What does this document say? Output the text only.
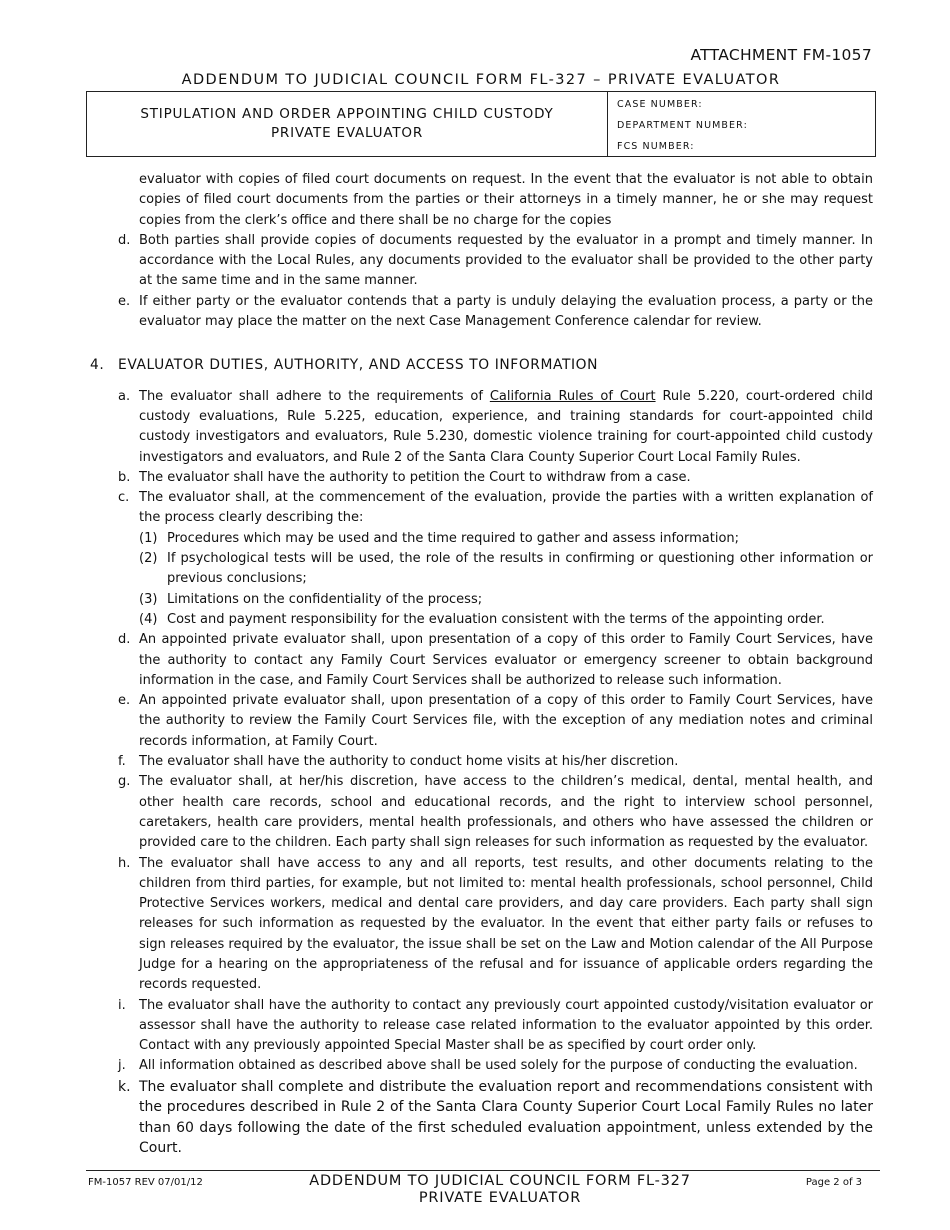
ATTACHMENT FM-1057
ADDENDUM TO JUDICIAL COUNCIL FORM FL-327 – PRIVATE EVALUATOR
STIPULATION AND ORDER APPOINTING CHILD CUSTODY
PRIVATE EVALUATOR
CASE NUMBER:
DEPARTMENT NUMBER:
FCS NUMBER:
evaluator with copies of filed court documents on request. In the event that the evaluator is not able to obtain copies of filed court documents from the parties or their attorneys in a timely manner, he or she may request copies from the clerk’s office and there shall be no charge for the copies
d. Both parties shall provide copies of documents requested by the evaluator in a prompt and timely manner. In accordance with the Local Rules, any documents provided to the evaluator shall be provided to the other party at the same time and in the same manner.
e. If either party or the evaluator contends that a party is unduly delaying the evaluation process, a party or the evaluator may place the matter on the next Case Management Conference calendar for review.
4. EVALUATOR DUTIES, AUTHORITY, AND ACCESS TO INFORMATION
a. The evaluator shall adhere to the requirements of California Rules of Court Rule 5.220, court-ordered child custody evaluations, Rule 5.225, education, experience, and training standards for court-appointed child custody investigators and evaluators, Rule 5.230, domestic violence training for court-appointed child custody investigators and evaluators, and Rule 2 of the Santa Clara County Superior Court Local Family Rules.
b. The evaluator shall have the authority to petition the Court to withdraw from a case.
c. The evaluator shall, at the commencement of the evaluation, provide the parties with a written explanation of the process clearly describing the:
(1) Procedures which may be used and the time required to gather and assess information;
(2) If psychological tests will be used, the role of the results in confirming or questioning other information or previous conclusions;
(3) Limitations on the confidentiality of the process;
(4) Cost and payment responsibility for the evaluation consistent with the terms of the appointing order.
d. An appointed private evaluator shall, upon presentation of a copy of this order to Family Court Services, have the authority to contact any Family Court Services evaluator or emergency screener to obtain background information in the case, and Family Court Services shall be authorized to release such information.
e. An appointed private evaluator shall, upon presentation of a copy of this order to Family Court Services, have the authority to review the Family Court Services file, with the exception of any mediation notes and criminal records information, at Family Court.
f.	The evaluator shall have the authority to conduct home visits at his/her discretion.
g. The evaluator shall, at her/his discretion, have access to the children’s medical, dental, mental health, and other health care records, school and educational records, and the right to interview school personnel, caretakers, health care providers, mental health professionals, and others who have assessed the children or provided care to the children. Each party shall sign releases for such information as requested by the evaluator.
h. The evaluator shall have access to any and all reports, test results, and other documents relating to the children from third parties, for example, but not limited to: mental health professionals, school personnel, Child Protective Services workers, medical and dental care providers, and day care providers. Each party shall sign releases for such information as requested by the evaluator. In the event that either party fails or refuses to sign releases required by the evaluator, the issue shall be set on the Law and Motion calendar of the All Purpose Judge for a hearing on the appropriateness of the refusal and for issuance of applicable orders regarding the records requested.
i.	The evaluator shall have the authority to contact any previously court appointed custody/visitation evaluator or assessor shall have the authority to release case related information to the evaluator appointed by this order. Contact with any previously appointed Special Master shall be as specified by court order only.
j.	All information obtained as described above shall be used solely for the purpose of conducting the evaluation.
k. The evaluator shall complete and distribute the evaluation report and recommendations consistent with the procedures described in Rule 2 of the Santa Clara County Superior Court Local Family Rules no later than 60 days following the date of the first scheduled evaluation appointment, unless extended by the Court.
FM-1057 REV 07/01/12	ADDENDUM TO JUDICIAL COUNCIL FORM FL-327
PRIVATE EVALUATOR
Page 2 of 3
